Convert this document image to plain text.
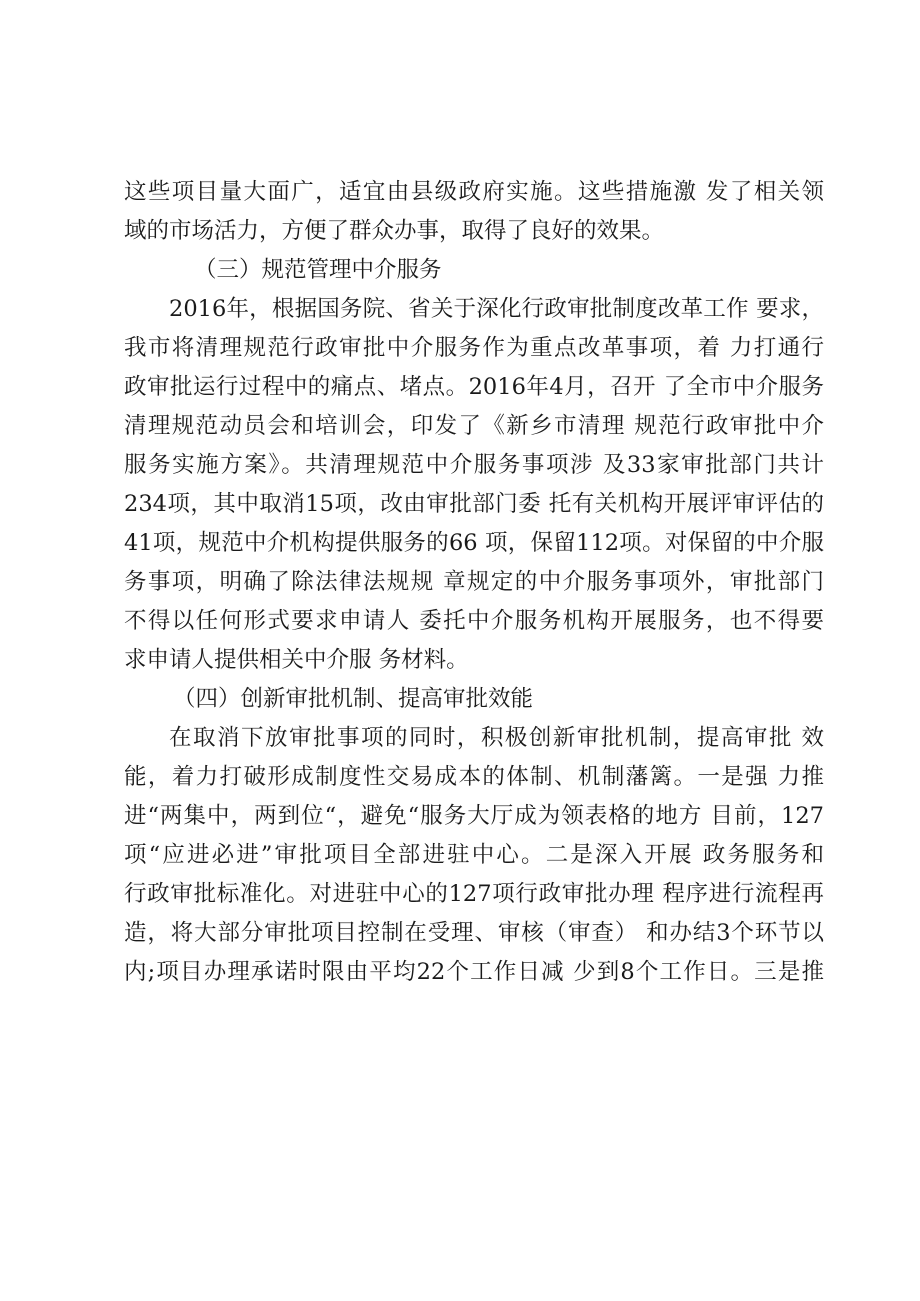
这些项目量大面广，适宜由县级政府实施。这些措施激 发了相关领
域的市场活力，方便了群众办事，取得了良好的效果。
（三）规范管理中介服务
2016年，根据国务院、省关于深化行政审批制度改革工作 要求，
我市将清理规范行政审批中介服务作为重点改革事项，着 力打通行
政审批运行过程中的痛点、堵点。2016年4月，召开 了全市中介服务
清理规范动员会和培训会，印发了《新乡市清理 规范行政审批中介
服务实施方案》。共清理规范中介服务事项涉 及33家审批部门共计
234项，其中取消15项，改由审批部门委 托有关机构开展评审评估的
41项，规范中介机构提供服务的66 项，保留112项。对保留的中介服
务事项，明确了除法律法规规 章规定的中介服务事项外，审批部门
不得以任何形式要求申请人 委托中介服务机构开展服务，也不得要
求申请人提供相关中介服 务材料。
（四）创新审批机制、提高审批效能
在取消下放审批事项的同时，积极创新审批机制，提高审批 效
能，着力打破形成制度性交易成本的体制、机制藩篱。一是强 力推
进“两集中，两到位“，避免“服务大厅成为领表格的地方 目前，127
项“应进必进”审批项目全部进驻中心。二是深入开展 政务服务和
行政审批标准化。对进驻中心的127项行政审批办理 程序进行流程再
造，将大部分审批项目控制在受理、审核（审查） 和办结3个环节以
内;项目办理承诺时限由平均22个工作日减 少到8个工作日。三是推
